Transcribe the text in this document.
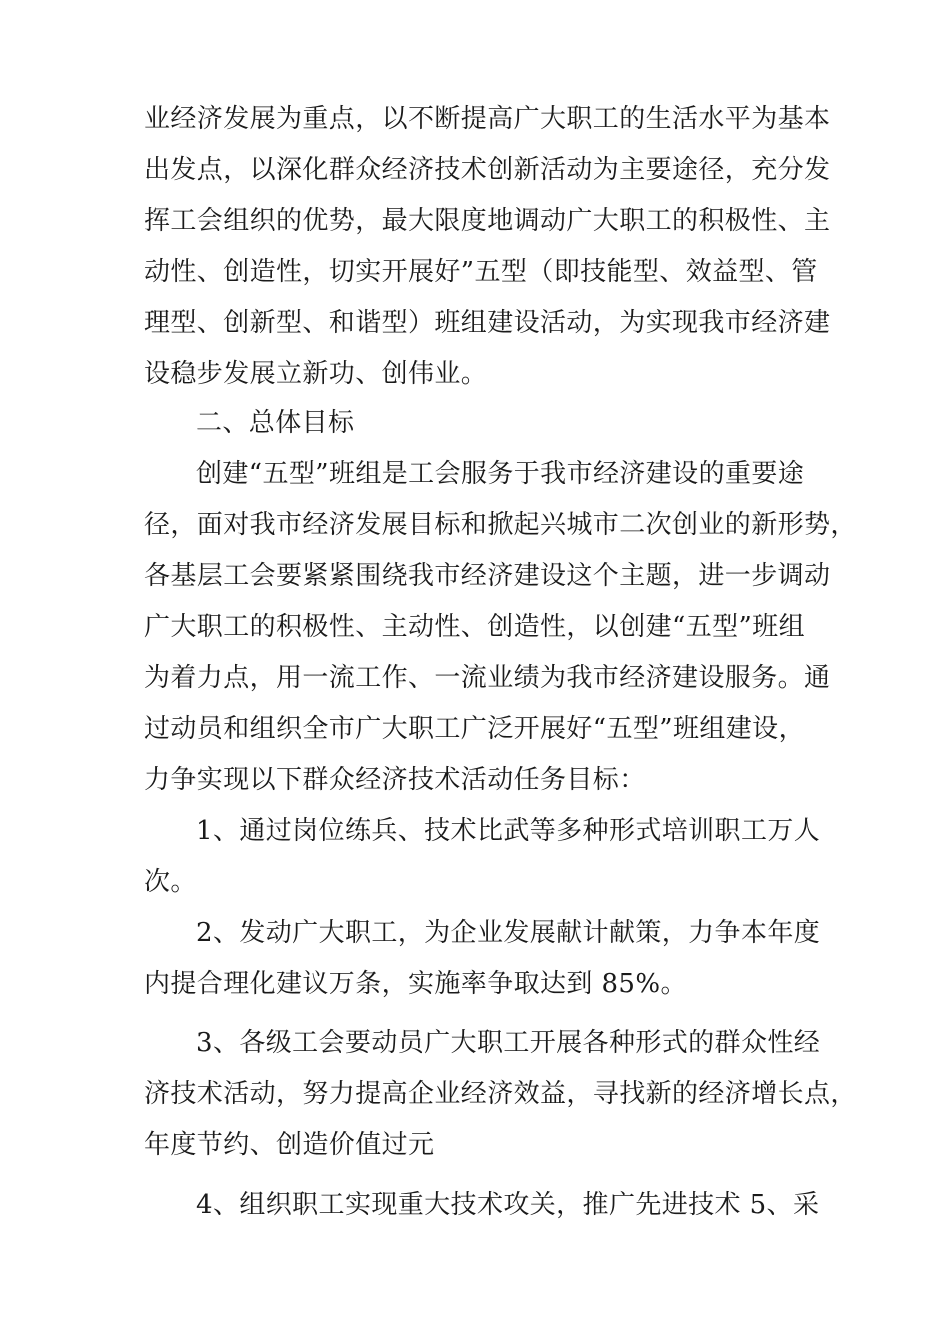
业经济发展为重点，以不断提高广大职工的生活水平为基本
出发点，以深化群众经济技术创新活动为主要途径，充分发
挥工会组织的优势，最大限度地调动广大职工的积极性、主
动性、创造性，切实开展好”五型（即技能型、效益型、管
理型、创新型、和谐型）班组建设活动，为实现我市经济建
设稳步发展立新功、创伟业。
二、总体目标
创建“五型”班组是工会服务于我市经济建设的重要途
径，面对我市经济发展目标和掀起兴城市二次创业的新形势，
各基层工会要紧紧围绕我市经济建设这个主题，进一步调动
广大职工的积极性、主动性、创造性，以创建“五型”班组
为着力点，用一流工作、一流业绩为我市经济建设服务。通
过动员和组织全市广大职工广泛开展好“五型”班组建设，
力争实现以下群众经济技术活动任务目标：
1、通过岗位练兵、技术比武等多种形式培训职工万人
次。
2、发动广大职工，为企业发展献计献策，力争本年度
内提合理化建议万条，实施率争取达到 85%。
3、各级工会要动员广大职工开展各种形式的群众性经
济技术活动，努力提高企业经济效益，寻找新的经济增长点，
年度节约、创造价值过元
4、组织职工实现重大技术攻关，推广先进技术 5、采
